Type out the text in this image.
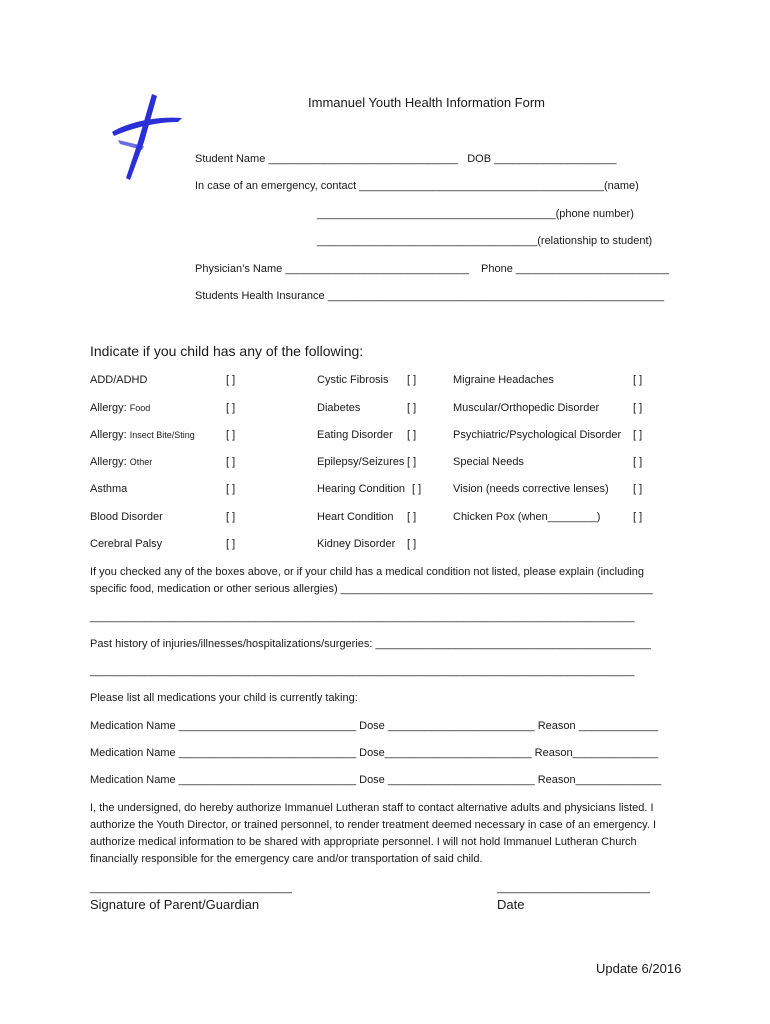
Immanuel Youth Health Information Form
Student Name _______________________________   DOB ____________________
In case of an emergency, contact ________________________________________(name)
_______________________________________(phone number)
____________________________________(relationship to student)
Physician’s Name ______________________________    Phone _________________________
Students Health Insurance _______________________________________________________
Indicate if you child has any of the following:
ADD/ADHD
Allergy: Food
Allergy: Insect Bite/Sting
Allergy: Other
Asthma
Blood Disorder
Cerebral Palsy
[ ]
[ ]
[ ]
[ ]
[ ]
[ ]
[ ]
Cystic Fibrosis
Diabetes
Eating Disorder
Epilepsy/Seizures
Hearing Condition
Heart Condition
Kidney Disorder
[ ]
[ ]
[ ]
[ ]
[ ]
[ ]
[ ]
Migraine Headaches
Muscular/Orthopedic Disorder
Psychiatric/Psychological Disorder
Special Needs
Vision (needs corrective lenses)
Chicken Pox (when________)
[ ]
[ ]
[ ]
[ ]
[ ]
[ ]
If you checked any of the boxes above, or if your child has a medical condition not listed, please explain (including
specific food, medication or other serious allergies) ___________________________________________________
_________________________________________________________________________________________
Past history of injuries/illnesses/hospitalizations/surgeries: _____________________________________________
_________________________________________________________________________________________
Please list all medications your child is currently taking:
Medication Name _____________________________ Dose ________________________ Reason _____________
Medication Name _____________________________ Dose________________________ Reason______________
Medication Name _____________________________ Dose ________________________ Reason______________
I, the undersigned, do hereby authorize Immanuel Lutheran staff to contact alternative adults and physicians listed. I authorize the Youth Director, or trained personnel, to render treatment deemed necessary in case of an emergency. I authorize medical information to be shared with appropriate personnel. I will not hold Immanuel Lutheran Church financially responsible for the emergency care and/or transportation of said child.
_________________________________
Signature of Parent/Guardian
_________________________
Date
Update 6/2016
